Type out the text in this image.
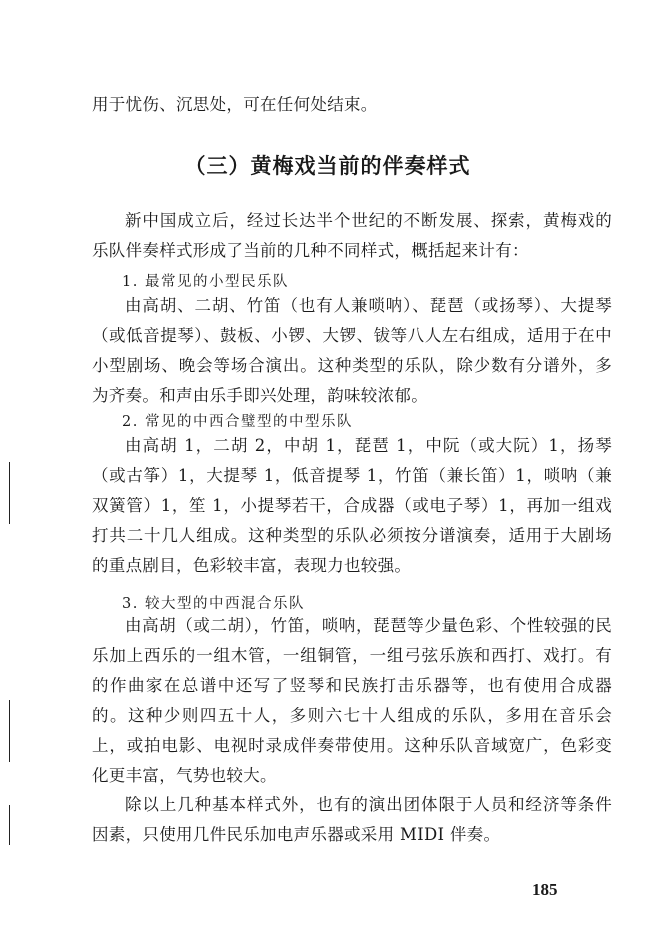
用于忧伤、沉思处，可在任何处结束。

（三）黄梅戏当前的伴奏样式

新中国成立后，经过长达半个世纪的不断发展、探索，黄梅戏的乐队伴奏样式形成了当前的几种不同样式，概括起来计有：

1. 最常见的小型民乐队

由高胡、二胡、竹笛（也有人兼唢呐）、琵琶（或扬琴）、大提琴（或低音提琴）、鼓板、小锣、大锣、钹等八人左右组成，适用于在中小型剧场、晚会等场合演出。这种类型的乐队，除少数有分谱外，多为齐奏。和声由乐手即兴处理，韵味较浓郁。

2. 常见的中西合璧型的中型乐队

由高胡 1，二胡 2，中胡 1，琵琶 1，中阮（或大阮）1，扬琴（或古筝）1，大提琴 1，低音提琴 1，竹笛（兼长笛）1，唢呐（兼双簧管）1，笙 1，小提琴若干，合成器（或电子琴）1，再加一组戏打共二十几人组成。这种类型的乐队必须按分谱演奏，适用于大剧场的重点剧目，色彩较丰富，表现力也较强。

3. 较大型的中西混合乐队

由高胡（或二胡），竹笛，唢呐，琵琶等少量色彩、个性较强的民乐加上西乐的一组木管，一组铜管，一组弓弦乐族和西打、戏打。有的作曲家在总谱中还写了竖琴和民族打击乐器等，也有使用合成器的。这种少则四五十人，多则六七十人组成的乐队，多用在音乐会上，或拍电影、电视时录成伴奏带使用。这种乐队音域宽广，色彩变化更丰富，气势也较大。

除以上几种基本样式外，也有的演出团体限于人员和经济等条件因素，只使用几件民乐加电声乐器或采用 MIDI 伴奏。

185
